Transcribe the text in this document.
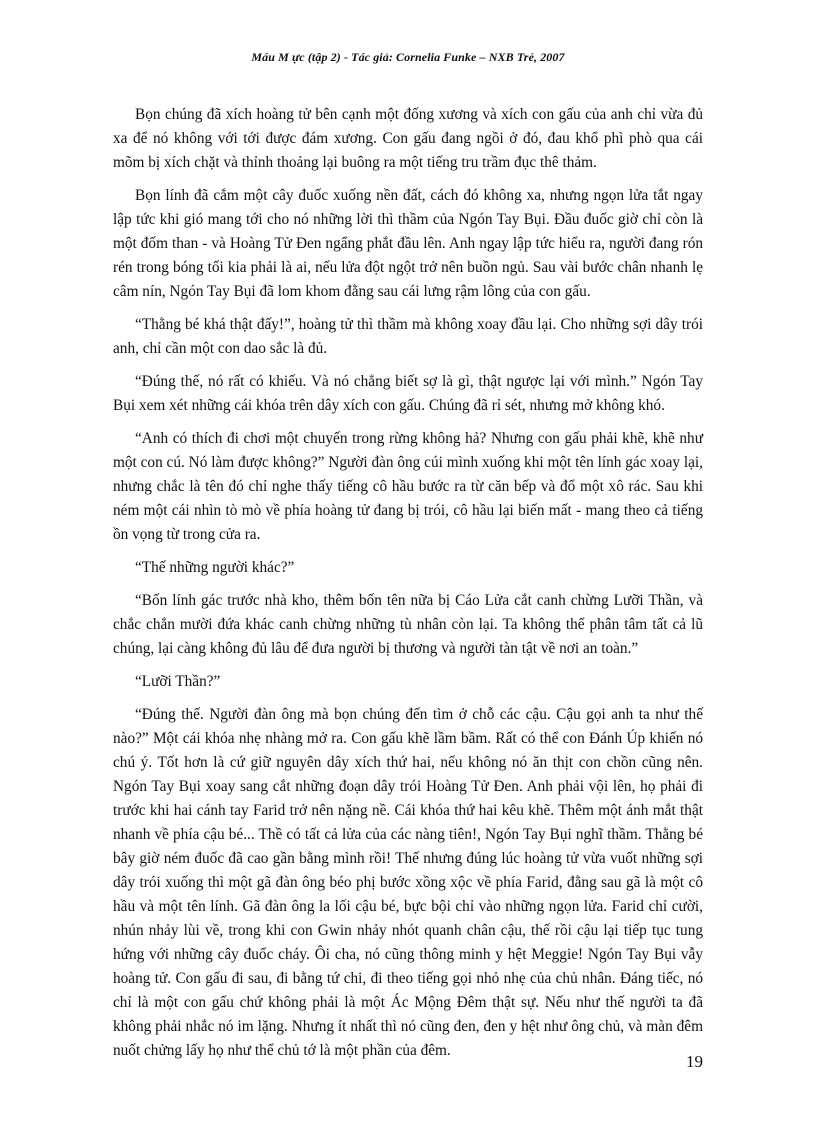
Máu M ực (tập 2) - Tác giả: Cornelia Funke – NXB Trẻ, 2007

Bọn chúng đã xích hoàng tử bên cạnh một đống xương và xích con gấu của anh chỉ vừa đủ xa để nó không với tới được đám xương. Con gấu đang ngồi ở đó, đau khổ phì phò qua cái mõm bị xích chặt và thỉnh thoảng lại buông ra một tiếng tru trầm đục thê thảm.

Bọn lính đã cắm một cây đuốc xuống nền đất, cách đó không xa, nhưng ngọn lửa tắt ngay lập tức khi gió mang tới cho nó những lời thì thầm của Ngón Tay Bụi. Đầu đuốc giờ chỉ còn là một đốm than - và Hoàng Tử Đen ngẩng phắt đầu lên. Anh ngay lập tức hiểu ra, người đang rón rén trong bóng tối kia phải là ai, nếu lửa đột ngột trở nên buồn ngủ. Sau vài bước chân nhanh lẹ câm nín, Ngón Tay Bụi đã lom khom đằng sau cái lưng rậm lông của con gấu.

“Thằng bé khá thật đấy!”, hoàng tử thì thầm mà không xoay đầu lại. Cho những sợi dây trói anh, chỉ cần một con dao sắc là đủ.

“Đúng thế, nó rất có khiếu. Và nó chẳng biết sợ là gì, thật ngược lại với mình.” Ngón Tay Bụi xem xét những cái khóa trên dây xích con gấu. Chúng đã rỉ sét, nhưng mở không khó.

“Anh có thích đi chơi một chuyến trong rừng không hả? Nhưng con gấu phải khẽ, khẽ như một con cú. Nó làm được không?” Người đàn ông cúi mình xuống khi một tên lính gác xoay lại, nhưng chắc là tên đó chỉ nghe thấy tiếng cô hầu bước ra từ căn bếp và đổ một xô rác. Sau khi ném một cái nhìn tò mò về phía hoàng tử đang bị trói, cô hầu lại biến mất - mang theo cả tiếng ồn vọng từ trong cửa ra.

“Thế những người khác?”

“Bốn lính gác trước nhà kho, thêm bốn tên nữa bị Cáo Lửa cắt canh chừng Lưỡi Thần, và chắc chắn mười đứa khác canh chừng những tù nhân còn lại. Ta không thể phân tâm tất cả lũ chúng, lại càng không đủ lâu để đưa người bị thương và người tàn tật về nơi an toàn.”

“Lưỡi Thần?”

“Đúng thế. Người đàn ông mà bọn chúng đến tìm ở chỗ các cậu. Cậu gọi anh ta như thế nào?” Một cái khóa nhẹ nhàng mở ra. Con gấu khẽ lầm bầm. Rất có thể con Đánh Úp khiến nó chú ý. Tốt hơn là cứ giữ nguyên dây xích thứ hai, nếu không nó ăn thịt con chồn cũng nên. Ngón Tay Bụi xoay sang cắt những đoạn dây trói Hoàng Tử Đen. Anh phải vội lên, họ phải đi trước khi hai cánh tay Farid trở nên nặng nề. Cái khóa thứ hai kêu khẽ. Thêm một ánh mắt thật nhanh về phía cậu bé... Thề có tất cả lửa của các nàng tiên!, Ngón Tay Bụi nghĩ thầm. Thằng bé bây giờ ném đuốc đã cao gần bằng mình rồi! Thế nhưng đúng lúc hoàng tử vừa vuốt những sợi dây trói xuống thì một gã đàn ông béo phị bước xồng xộc về phía Farid, đằng sau gã là một cô hầu và một tên lính. Gã đàn ông la lối cậu bé, bực bội chỉ vào những ngọn lửa. Farid chỉ cười, nhún nhảy lùi về, trong khi con Gwin nhảy nhót quanh chân cậu, thế rồi cậu lại tiếp tục tung hứng với những cây đuốc cháy. Ôi cha, nó cũng thông minh y hệt Meggie! Ngón Tay Bụi vẫy hoàng tử. Con gấu đi sau, đi bằng tứ chi, đi theo tiếng gọi nhỏ nhẹ của chủ nhân. Đáng tiếc, nó chỉ là một con gấu chứ không phải là một Ác Mộng Đêm thật sự. Nếu như thế người ta đã không phải nhắc nó im lặng. Nhưng ít nhất thì nó cũng đen, đen y hệt như ông chủ, và màn đêm nuốt chửng lấy họ như thể chủ tớ là một phần của đêm.

19
